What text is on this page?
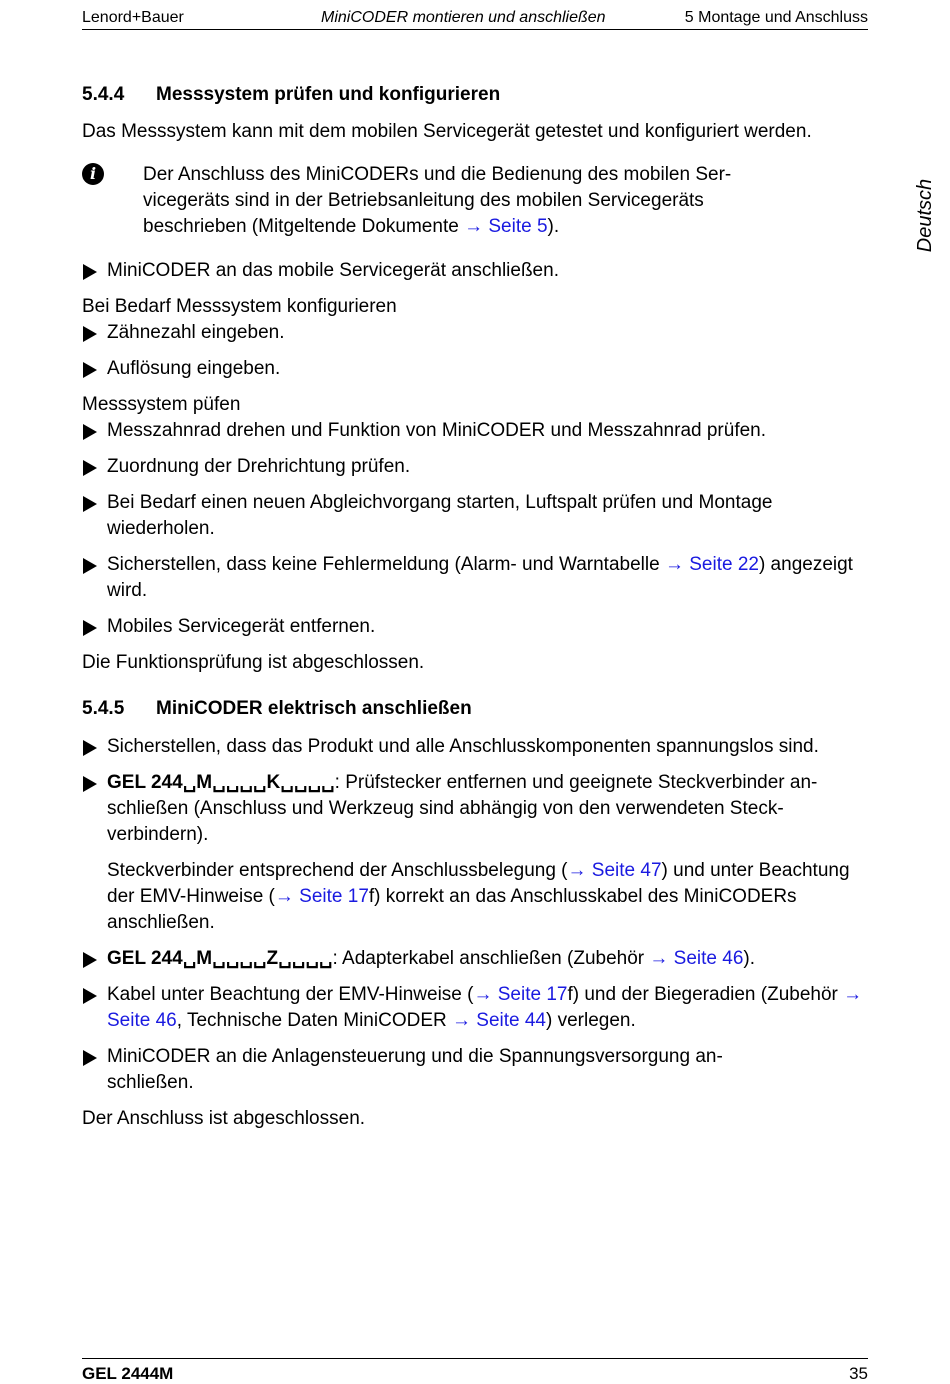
Lenord+Bauer	MiniCODER montieren und anschließen	5 Montage und Anschluss
Deutsch
5.4.4 Messsystem prüfen und konfigurieren

Das Messsystem kann mit dem mobilen Servicegerät getestet und konfiguriert werden.

i	Der Anschluss des MiniCODERs und die Bedienung des mobilen Servicegeräts sind in der Betriebsanleitung des mobilen Servicegeräts beschrieben (Mitgeltende Dokumente → Seite 5).

MiniCODER an das mobile Servicegerät anschließen.

Bei Bedarf Messsystem konfigurieren

Zähnezahl eingeben.

Auflösung eingeben.

Messsystem püfen

Messzahnrad drehen und Funktion von MiniCODER und Messzahnrad prüfen.

Zuordnung der Drehrichtung prüfen.

Bei Bedarf einen neuen Abgleichvorgang starten, Luftspalt prüfen und Montage wiederholen.

Sicherstellen, dass keine Fehlermeldung (Alarm- und Warntabelle → Seite 22) angezeigt wird.

Mobiles Servicegerät entfernen.

Die Funktionsprüfung ist abgeschlossen.

5.4.5 MiniCODER elektrisch anschließen

Sicherstellen, dass das Produkt und alle Anschlusskomponenten spannungslos sind.

GEL 244␣M␣␣␣␣K␣␣␣␣: Prüfstecker entfernen und geeignete Steckverbinder anschließen (Anschluss und Werkzeug sind abhängig von den verwendeten Steckverbindern).

Steckverbinder entsprechend der Anschlussbelegung (→ Seite 47) und unter Beachtung der EMV-Hinweise (→ Seite 17f) korrekt an das Anschlusskabel des MiniCODERs anschließen.

GEL 244␣M␣␣␣␣Z␣␣␣␣: Adapterkabel anschließen (Zubehör → Seite 46).

Kabel unter Beachtung der EMV-Hinweise (→ Seite 17f) und der Biegeradien (Zubehör → Seite 46, Technische Daten MiniCODER → Seite 44) verlegen.

MiniCODER an die Anlagensteuerung und die Spannungsversorgung anschließen.

Der Anschluss ist abgeschlossen.

GEL 2444M	35
